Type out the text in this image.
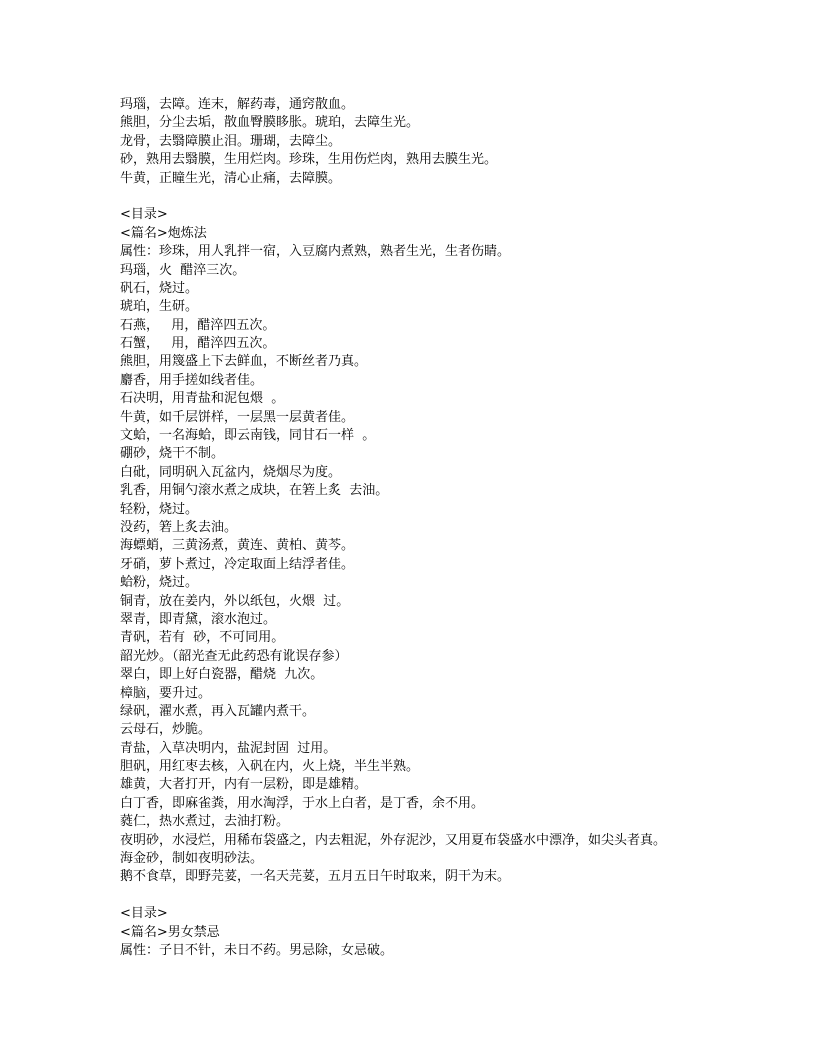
玛瑙，去障。连末，解药毒，通窍散血。
熊胆，分尘去垢，散血臀膜眵胀。琥珀，去障生光。
龙骨，去翳障膜止泪。珊瑚，去障尘。
砂，熟用去翳膜，生用烂肉。珍珠，生用伤烂肉，熟用去膜生光。
牛黄，正瞳生光，清心止痛，去障膜。
<目录>
<篇名>炮炼法
属性：珍珠，用人乳拌一宿，入豆腐内煮熟，熟者生光，生者伤睛。
玛瑙，火  醋淬三次。
矾石，烧过。
琥珀，生研。
石燕，   用，醋淬四五次。
石蟹，   用，醋淬四五次。
熊胆，用篾盛上下去鲜血，不断丝者乃真。
麝香，用手搓如线者佳。
石决明，用青盐和泥包煨  。
牛黄，如千层饼样，一层黑一层黄者佳。
文蛤，一名海蛤，即云南钱，同甘石一样  。
硼砂，烧干不制。
白砒，同明矾入瓦盆内，烧烟尽为度。
乳香，用铜勺滚水煮之成块，在箬上炙  去油。
轻粉，烧过。
没药，箬上炙去油。
海螵蛸，三黄汤煮，黄连、黄柏、黄芩。
牙硝，萝卜煮过，冷定取面上结浮者佳。
蛤粉，烧过。
铜青，放在姜内，外以纸包，火煨  过。
翠青，即青黛，滚水泡过。
青矾，若有  砂，不可同用。
韶光炒。（韶光查无此药恐有讹误存参）
翠白，即上好白瓷器，醋烧  九次。
樟脑，要升过。
绿矾，濯水煮，再入瓦罐内煮干。
云母石，炒脆。
青盐，入草决明内，盐泥封固  过用。
胆矾，用红枣去核，入矾在内，火上烧，半生半熟。
雄黄，大者打开，内有一层粉，即是雄精。
白丁香，即麻雀粪，用水淘浮，于水上白者，是丁香，余不用。
蕤仁，热水煮过，去油打粉。
夜明砂，水浸烂，用稀布袋盛之，内去粗泥，外存泥沙，又用夏布袋盛水中漂净，如尖头者真。
海金砂，制如夜明砂法。
鹅不食草，即野芫荽，一名天芫荽，五月五日午时取来，阴干为末。
<目录>
<篇名>男女禁忌
属性：子日不针，未日不药。男忌除，女忌破。
